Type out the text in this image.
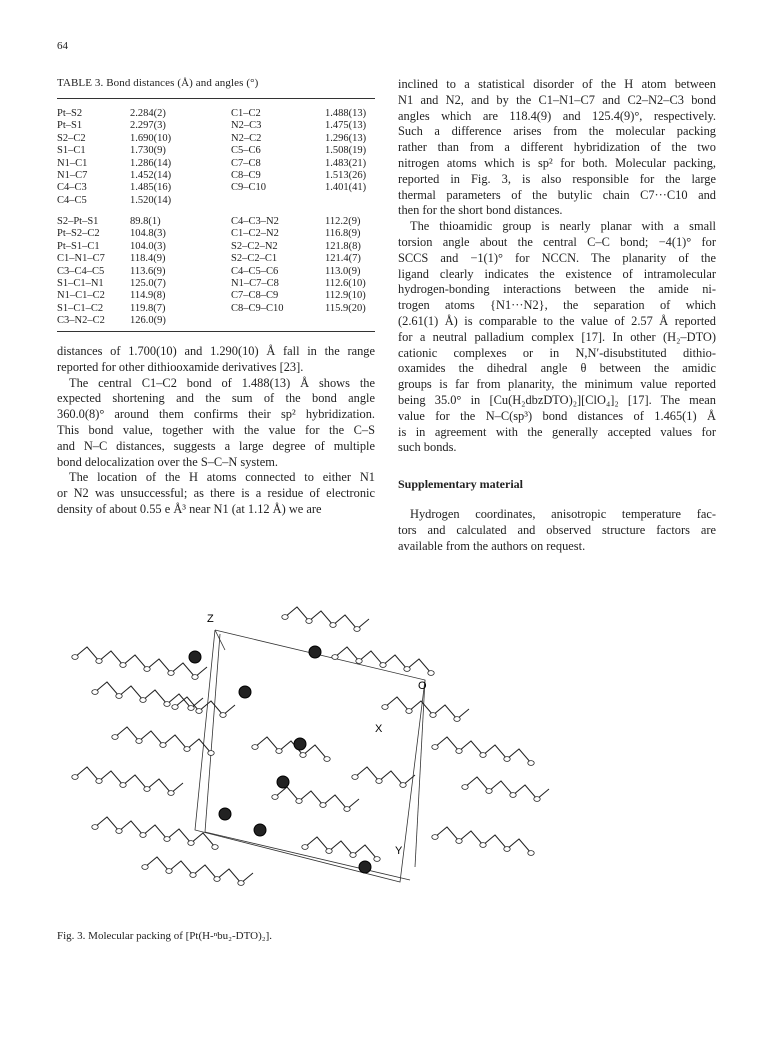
64
TABLE 3. Bond distances (Å) and angles (°)
Pt–S2	2.284(2)	C1–C2	1.488(13)
Pt–S1	2.297(3)	N2–C3	1.475(13)
S2–C2	1.690(10)	N2–C2	1.296(13)
S1–C1	1.730(9)	C5–C6	1.508(19)
N1–C1	1.286(14)	C7–C8	1.483(21)
N1–C7	1.452(14)	C8–C9	1.513(26)
C4–C3	1.485(16)	C9–C10	1.401(41)
C4–C5	1.520(14)
S2–Pt–S1	89.8(1)	C4–C3–N2	112.2(9)
Pt–S2–C2	104.8(3)	C1–C2–N2	116.8(9)
Pt–S1–C1	104.0(3)	S2–C2–N2	121.8(8)
C1–N1–C7 118.4(9)	S2–C2–C1	121.4(7)
C3–C4–C5 113.6(9)	C4–C5–C6	113.0(9)
S1–C1–N1	125.0(7)	N1–C7–C8	112.6(10)
N1–C1–C2 114.9(8)	C7–C8–C9	112.9(10)
S1–C1–C2	119.8(7)	C8–C9–C10	115.9(20)
C3–N2–C2 126.0(9)
distances of 1.700(10) and 1.290(10) Å fall in the range
reported for other dithiooxamide derivatives [23].
The central C1–C2 bond of 1.488(13) Å shows the
expected shortening and the sum of the bond angle
360.0(8)° around them confirms their sp² hybridization.
This bond value, together with the value for the C–S
and N–C distances, suggests a large degree of multiple
bond delocalization over the S–C–N system.
The location of the H atoms connected to either N1
or N2 was unsuccessful; as there is a residue of electronic
density of about 0.55 e Å³ near N1 (at 1.12 Å) we are
inclined to a statistical disorder of the H atom between
N1 and N2, and by the C1–N1–C7 and C2–N2–C3 bond
angles which are 118.4(9) and 125.4(9)°, respectively.
Such a difference arises from the molecular packing
rather than from a different hybridization of the two
nitrogen atoms which is sp² for both. Molecular packing,
reported in Fig. 3, is also responsible for the large
thermal parameters of the butylic chain C7···C10 and
then for the short bond distances.
The thioamidic group is nearly planar with a small
torsion angle about the central C–C bond; −4(1)° for
SCCS and −1(1)° for NCCN. The planarity of the
ligand clearly indicates the existence of intramolecular
hydrogen-bonding interactions between the amide ni-
trogen atoms {N1···N2}, the separation of which
(2.61(1) Å) is comparable to the value of 2.57 Å reported
for a neutral palladium complex [17]. In other (H₂–DTO)
cationic complexes or in N,N′-disubstituted dithio-
oxamides the dihedral angle θ between the amidic
groups is far from planarity, the minimum value reported
being 35.0° in [Cu(H₂dbzDTO)₂][ClO₄]₂ [17]. The mean
value for the N–C(sp³) bond distances of 1.465(1) Å
is in agreement with the generally accepted values for
such bonds.
Supplementary material
Hydrogen coordinates, anisotropic temperature fac-
tors and calculated and observed structure factors are
available from the authors on request.
Z
O
X
Y
Fig. 3. Molecular packing of [Pt(H-ⁿbu₂-DTO)₂].
